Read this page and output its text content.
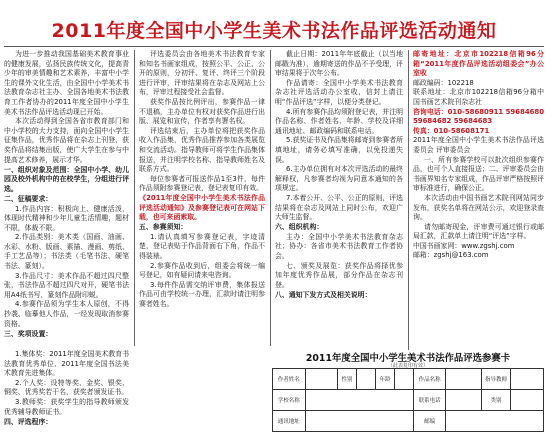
2011年度全国中小学生美术书法作品评选活动通知

为进一步推动我国基础美术教育事业的健康发展，弘扬民族传统文化，提高青少年的审美情趣和艺术素养，丰富中小学生的课外文化生活，由全国中小学美术书法教育杂志社主办、全国各地美术书法教育工作者协办的2011年度全国中小学生美术书法作品评选活动现已开始。

本次活动得到全国各省市教育部门和中小学校的大力支持，面向全国中小学生征集作品，优秀作品将在杂志上刊登，获奖作品将结集出版，使广大学生在参与中提高艺术修养，展示才华。

一、组织对象及范围：全国中小学、幼儿园及校外机构中的在校学生，分组进行评选。

二、征稿要求：

1.作品内容：积极向上、健康活泼，体现时代精神和少年儿童生活情趣，题材不限，体裁不限。

2.作品类别：美术类（国画、油画、水彩、水粉、版画、素描、漫画、剪纸、手工艺品等）；书法类（毛笔书法、硬笔书法、篆刻）。

3.作品尺寸：美术作品不超过四尺整张，书法作品不超过四尺对开，硬笔书法用A4纸书写，篆刻作品附印蜕。

4.参赛作品须为学生本人原创，不得抄袭、临摹他人作品，一经发现取消参赛资格。

三、奖项设置：

评选委员会由各地美术书法教育专家和知名书画家组成，按照公平、公正、公开的原则，分初评、复评、终评三个阶段进行评审，评审结果将在杂志及网站上公布，评审过程接受社会监督。

获奖作品按比例评出，参赛作品一律不退稿，主办单位有权对获奖作品进行出版、展览和宣传，作者享有署名权。

评选结束后，主办单位将把获奖作品收入作品集，优秀作品推荐参加各类展览和交流活动。指导教师可将学生作品集体报送，并注明学校名称、指导教师姓名及联系方式。

每位参赛者可报送作品1至3件，每件作品须附参赛登记表，登记表复印有效。

《2011年度全国中小学生美术书法作品评选活动通知》及参赛登记表可在网站下载，也可来函索取。

五、参赛须知：

1.请认真填写参赛登记表，字迹清楚，登记表贴于作品背面右下角，作品不得装裱。

2.参赛作品收到后，组委会将统一编号登记，如有疑问请来电咨询。

3.每件作品需交纳评审费，集体报送作品可由学校统一办理，汇款时请注明参赛者姓名。

截止日期：2011年年底截止（以当地邮戳为准），逾期寄送的作品不予受理，评审结果将于次年公布。

作品请寄：全国中小学美术书法教育杂志社评选活动办公室收，信封上请注明“作品评选”字样，以便分类登记。

4.所有参赛作品均须附登记表，并注明作品名称、作者姓名、年龄、学校及详细通讯地址、邮政编码和联系电话。

5.获奖证书及作品集将邮寄到参赛者所填地址，请务必填写准确，以免投递失误。

6.主办单位拥有对本次评选活动的最终解释权，凡参赛者均视为同意本通知的各项规定。

7.本着公开、公平、公正的原则，评选结果将在杂志及网站上同时公布，欢迎广大师生监督。

六、组织机构：

主办：全国中小学美术书法教育杂志社；协办：各省市美术书法教育工作者协会。

七、颁奖及展览：获奖作品将择优参加年度优秀作品展，部分作品在杂志刊登。

八、通知下发方式及相关说明：

邮寄地址：北京市102218信箱96分箱“2011年度作品评选活动组委会”办公室收

邮政编码：102218

联系地址：北京市102218信箱96分箱中国书画艺术院刊杂志社

咨询电话：010-58680911 59684680 59684682 59684683

传真：010-58608171

2011年度全国中小学生美术书法作品评选委员会 评审委员会

一、所有参赛学校可以批次组织参赛作品，也可个人直接报送；二、评审委员会由书画界知名专家组成，作品评审严格按照评审标准进行，确保公正。

本次活动由中国书画艺术院刊网站同步发布，获奖名单将在网站公示，欢迎登录查询。

请勿邮寄现金，评审费可通过银行或邮局汇款，汇款单上请注明“评选”字样。

中国书画家网：www.zgshj.com

邮箱：zgshj@163.com

1.集体奖：2011年度全国美术教育书法教育优秀单位、2011年度全国书法美术教育先进集体。

2.个人奖：设特等奖、金奖、银奖、铜奖、优秀奖若干名，获奖者颁发证书。

3.教师奖：获奖学生的指导教师颁发优秀辅导教师证书。

四、评选程序：

2011年度全国中小学生美术书法作品评选参赛卡
（此表复印有效）
作者姓名		性别		年龄		作品名称		指导教师	
学校名称						联系电话		类别	
通讯地址						邮编			
